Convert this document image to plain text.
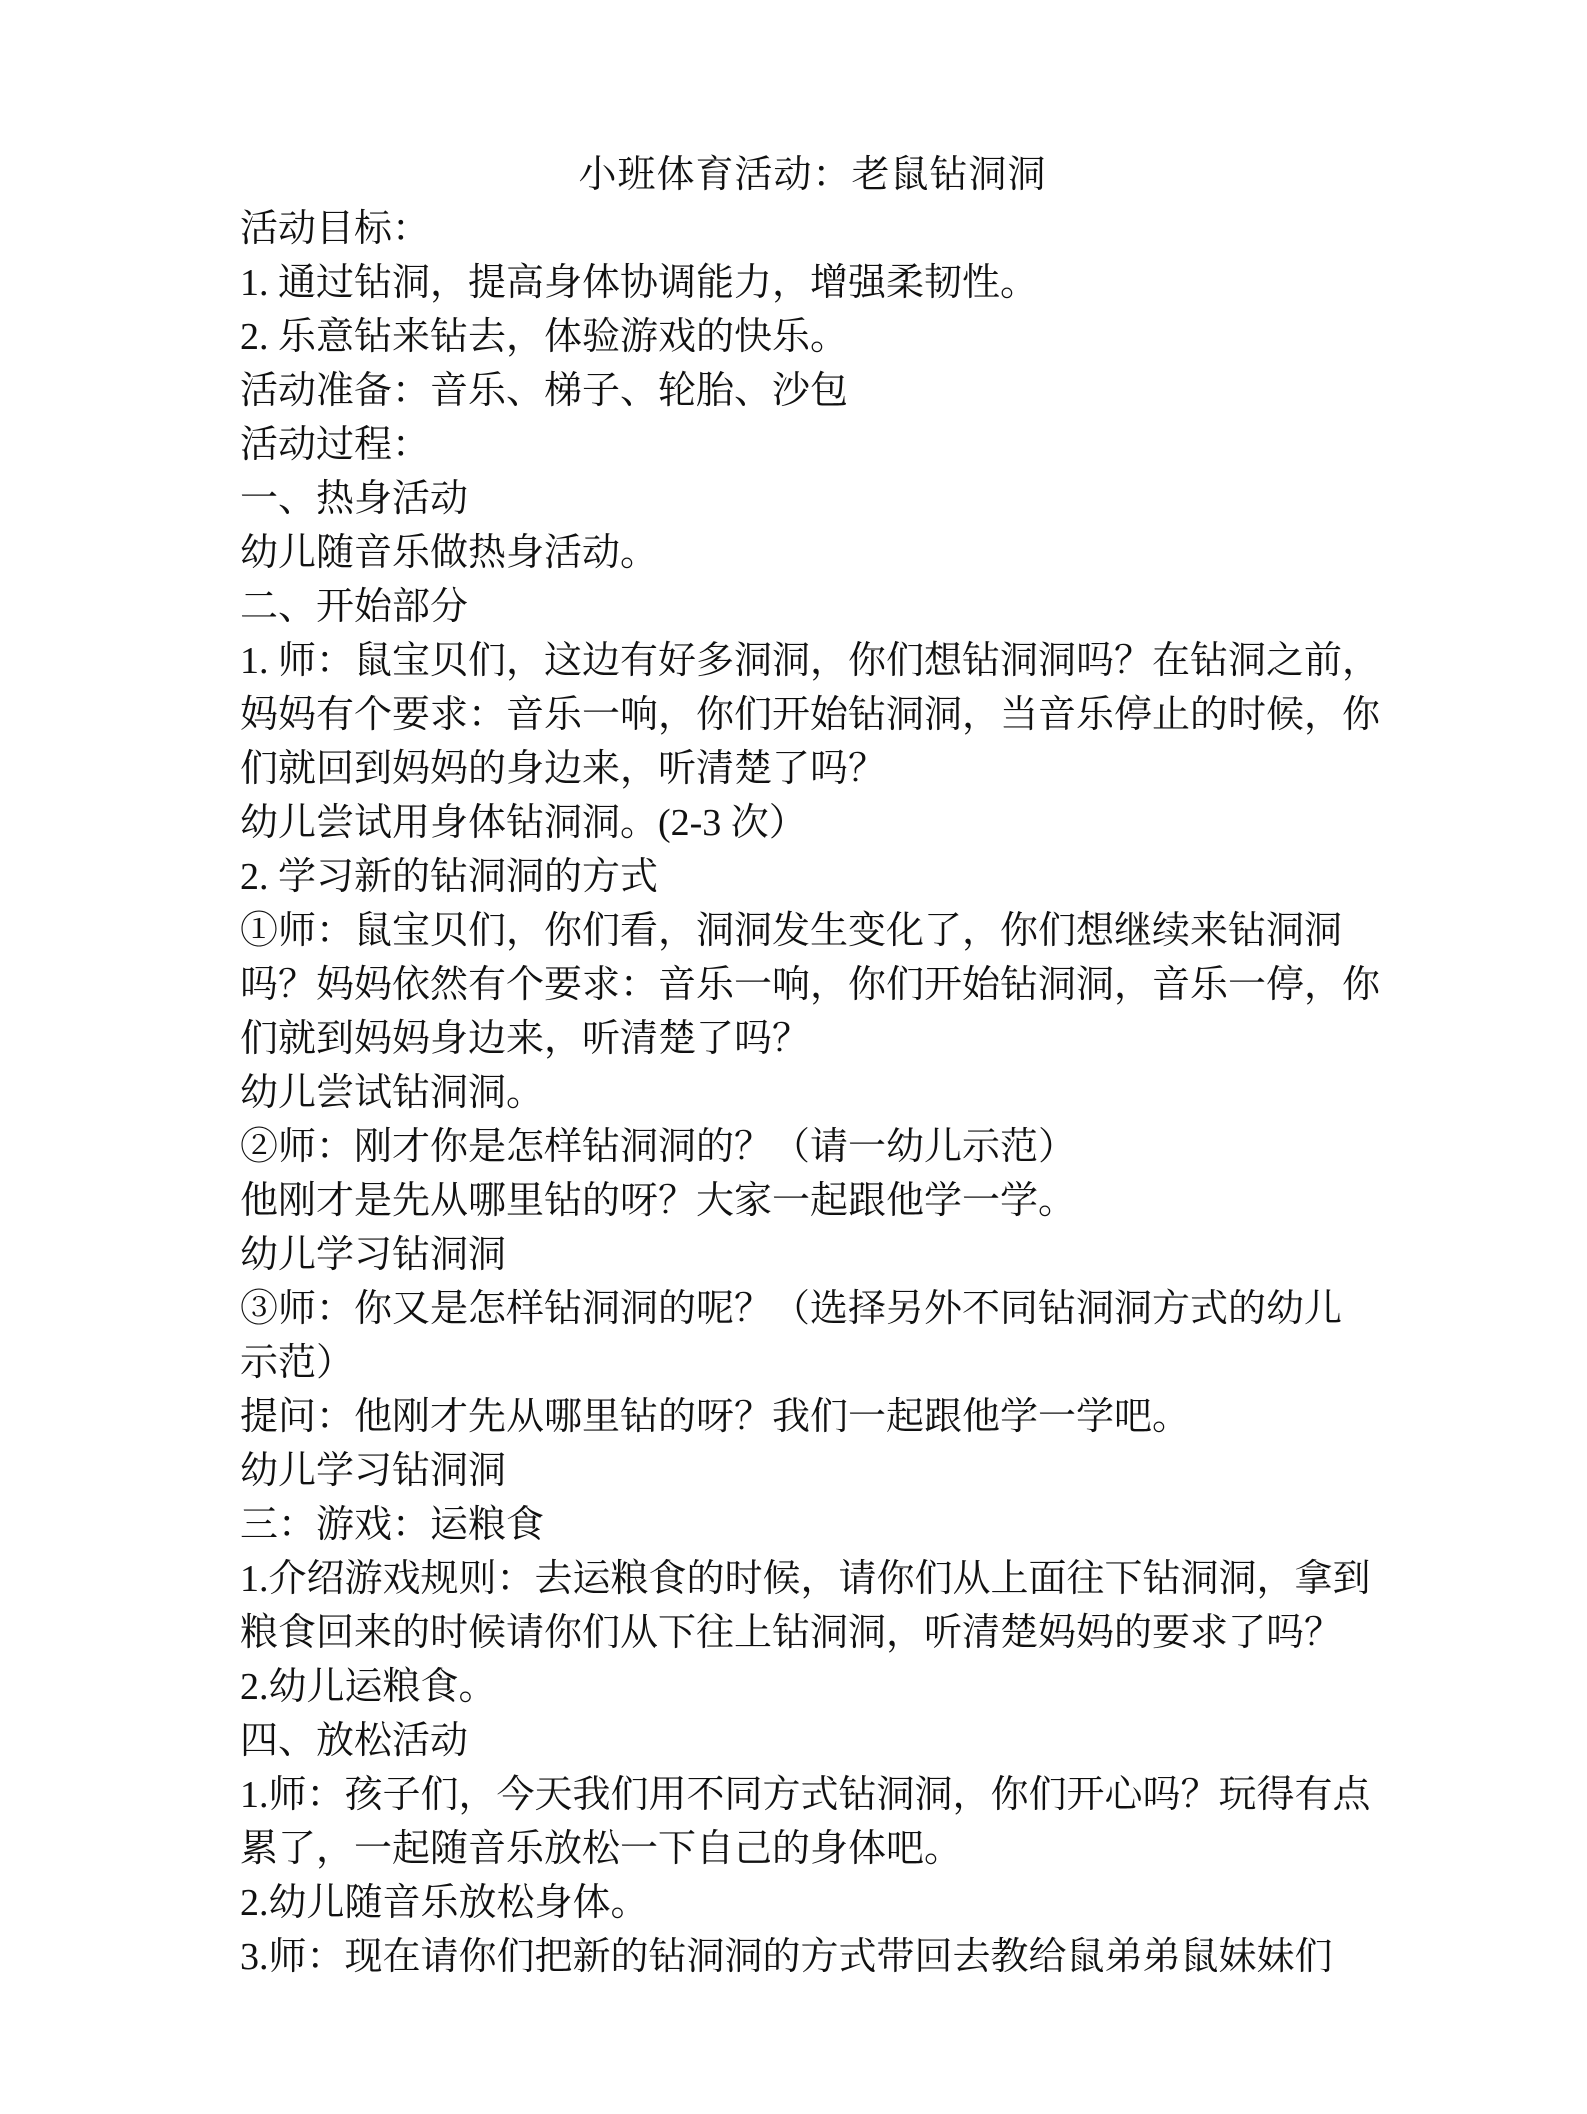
小班体育活动：老鼠钻洞洞
活动目标：
1. 通过钻洞，提高身体协调能力，增强柔韧性。
2. 乐意钻来钻去，体验游戏的快乐。
活动准备：音乐、梯子、轮胎、沙包
活动过程：
一、热身活动
幼儿随音乐做热身活动。
二、开始部分
1. 师：鼠宝贝们，这边有好多洞洞，你们想钻洞洞吗？在钻洞之前，
妈妈有个要求：音乐一响，你们开始钻洞洞，当音乐停止的时候，你
们就回到妈妈的身边来，听清楚了吗？
幼儿尝试用身体钻洞洞。(2-3 次）
2. 学习新的钻洞洞的方式
①师：鼠宝贝们，你们看，洞洞发生变化了，你们想继续来钻洞洞
吗？妈妈依然有个要求：音乐一响，你们开始钻洞洞，音乐一停，你
们就到妈妈身边来，听清楚了吗？
幼儿尝试钻洞洞。
②师：刚才你是怎样钻洞洞的？（请一幼儿示范）
他刚才是先从哪里钻的呀？大家一起跟他学一学。
幼儿学习钻洞洞
③师：你又是怎样钻洞洞的呢？（选择另外不同钻洞洞方式的幼儿
示范）
提问：他刚才先从哪里钻的呀？我们一起跟他学一学吧。
幼儿学习钻洞洞
三：游戏：运粮食
1.介绍游戏规则：去运粮食的时候，请你们从上面往下钻洞洞，拿到
粮食回来的时候请你们从下往上钻洞洞，听清楚妈妈的要求了吗？
2.幼儿运粮食。
四、放松活动
1.师：孩子们，今天我们用不同方式钻洞洞，你们开心吗？玩得有点
累了，一起随音乐放松一下自己的身体吧。
2.幼儿随音乐放松身体。
3.师：现在请你们把新的钻洞洞的方式带回去教给鼠弟弟鼠妹妹们
